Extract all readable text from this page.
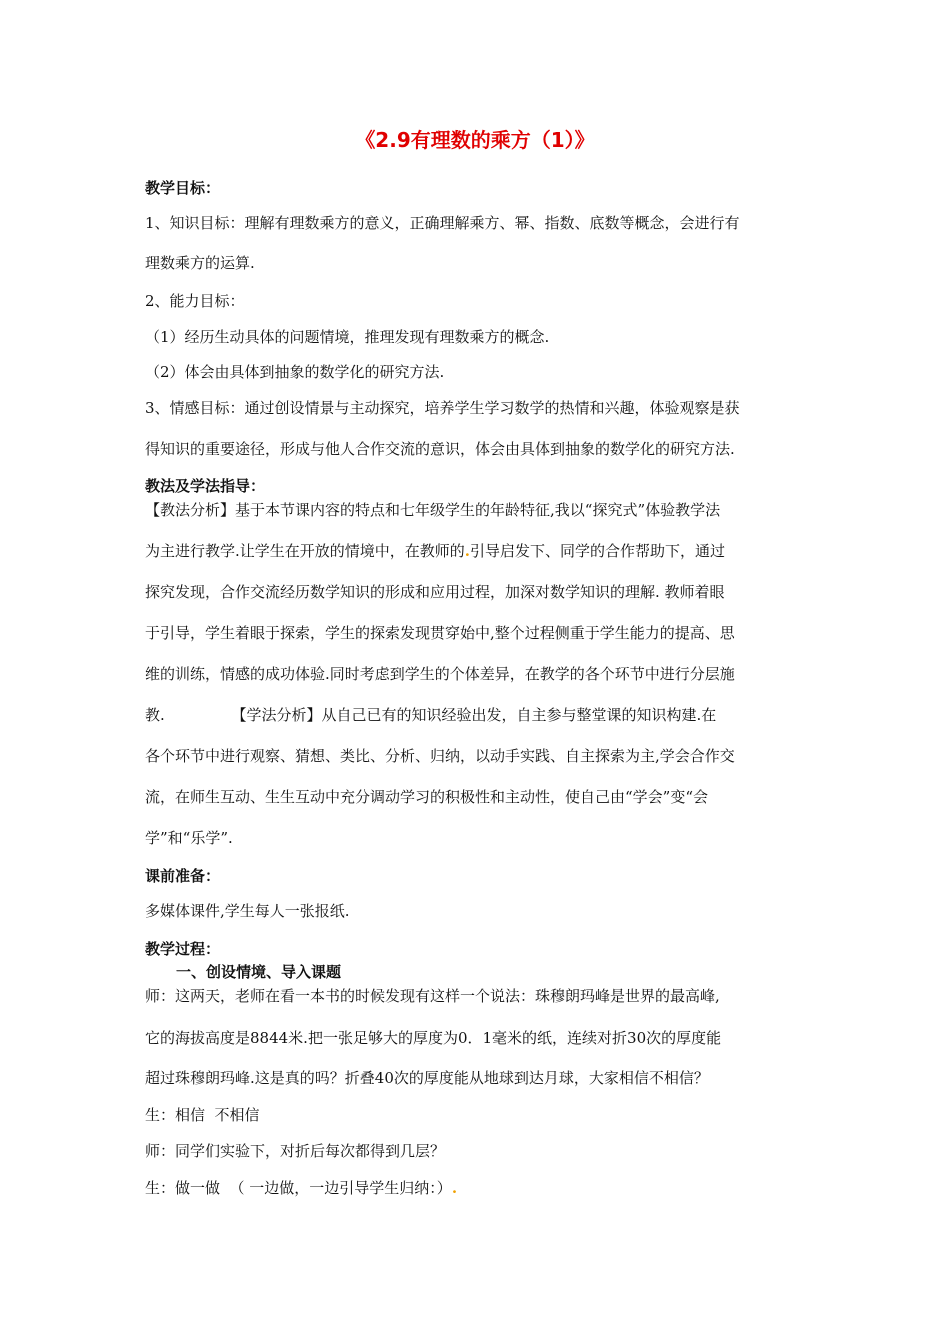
《2.9有理数的乘方（1）》
教学目标：
1、知识目标：理解有理数乘方的意义，正确理解乘方、幂、指数、底数等概念，会进行有
理数乘方的运算.
2、能力目标：
（1）经历生动具体的问题情境，推理发现有理数乘方的概念.
（2）体会由具体到抽象的数学化的研究方法.
3、情感目标：通过创设情景与主动探究，培养学生学习数学的热情和兴趣，体验观察是获
得知识的重要途径，形成与他人合作交流的意识，体会由具体到抽象的数学化的研究方法.
教法及学法指导：
【教法分析】基于本节课内容的特点和七年级学生的年龄特征,我以“探究式”体验教学法
为主进行教学.让学生在开放的情境中，在教师的.引导启发下、同学的合作帮助下，通过
探究发现，合作交流经历数学知识的形成和应用过程，加深对数学知识的理解. 教师着眼
于引导，学生着眼于探索，学生的探索发现贯穿始中,整个过程侧重于学生能力的提高、思
维的训练，情感的成功体验.同时考虑到学生的个体差异，在教学的各个环节中进行分层施
教.              【学法分析】从自己已有的知识经验出发，自主参与整堂课的知识构建.在
各个环节中进行观察、猜想、类比、分析、归纳，以动手实践、自主探索为主,学会合作交
流，在师生互动、生生互动中充分调动学习的积极性和主动性，使自己由“学会”变“会
学”和“乐学”.
课前准备：
多媒体课件,学生每人一张报纸.
教学过程：
一、创设情境、导入课题
师：这两天，老师在看一本书的时候发现有这样一个说法：珠穆朗玛峰是世界的最高峰,
它的海拔高度是8844米.把一张足够大的厚度为0．1毫米的纸，连续对折30次的厚度能
超过珠穆朗玛峰.这是真的吗？折叠40次的厚度能从地球到达月球，大家相信不相信？
生：相信  不相信
师：同学们实验下，对折后每次都得到几层？
生：做一做  （ 一边做，一边引导学生归纳：）.
